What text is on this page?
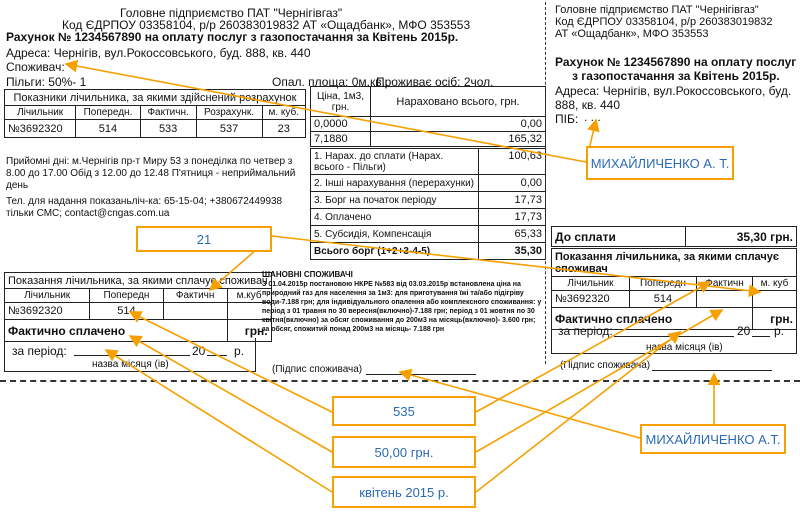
Головне підприємство ПАТ "Чернігівгаз"
Код ЄДРПОУ 03358104, р/р 260383019832 АТ «Ощадбанк», МФО 353553
Рахунок № 1234567890 на оплату послуг з газопостачання за Квітень 2015р.
Адреса: Чернігів, вул.Рокоссовського, буд. 888, кв. 440
Споживач:
Пільги: 50%- 1	Опал. площа: 0м.кв.,
Проживає осіб: 2чол.
Показники лічильника, за якими здійснений розрахунок				
Лічильник	Попередн.	Фактичн.	Розрахунк.	м. куб.
№3692320	514	533	537	23
Ціна, 1м3, грн.	Нараховано всього, грн.
0,0000	0,00
7,1880	165,32
1. Нарах. до сплати (Нарах. всього - Пільги)	100,63
2. Інші нарахування (перерахунки)	0,00
3. Борг на початок періоду	17,73
4. Оплачено	17,73
5. Субсидія, Компенсація	65,33
Всього борг (1+2+3-4-5)	35,30
Прийомні дні: м.Чернігів пр-т Миру 53 з понеділка по четвер з 8.00 до 17.00 Обід з 12.00 до 12.48 П'ятниця - неприймальний день
Тел. для надання показаньліч-ка: 65-15-04; +380672449938 тільки СМС; contact@cngas.com.ua
Показання лічильника, за якими сплачує споживач			
Лічильник	Попередн	Фактичн	м.куб
№3692320	514		
Фактично сплачено			грн.
за період:	20 р.
назва місяця (ів)
ШАНОВНІ СПОЖИВАЧІ
З 01.04.2015р постановою НКРЕ №583 від 03.03.2015р встановлена ціна на природний газ для населення за 1м3: для приготування їжі та/або підігріву води-7.188 грн; для індивідуального опалення або комплексного споживання: у період з 01 травня по 30 вересня(включно)-7.188 грн; період з 01 жовтня по 30 квітня(включно) за обсяг споживання до 200м3 на місяць(включно)- 3.600 грн; за обсяг, спожитий понад 200м3 на місяць- 7.188 грн
(Підпис споживача)
Головне підприємство ПАТ "Чернігівгаз"
Код ЄДРПОУ 03358104, р/р 260383019832
АТ «Ощадбанк», МФО 353553
Рахунок № 1234567890 на оплату послуг
з газопостачання за Квітень 2015р.
Адреса: Чернігів, вул.Рокоссовського, буд.
888, кв. 440
ПІБ: . . .
До сплати	35,30 грн.
Показання лічильника, за якими сплачує споживач			
Лічильник	Попередн	Фактичн	м. куб
№3692320	514		
Фактично сплачено			грн.
за період:	20 р.
назва місяця (ів)
(Підпис споживача)
МИХАЙЛИЧЕНКО А. Т.
21
535
50,00 грн.
квітень 2015 р.
МИХАЙЛИЧЕНКО А.Т.
